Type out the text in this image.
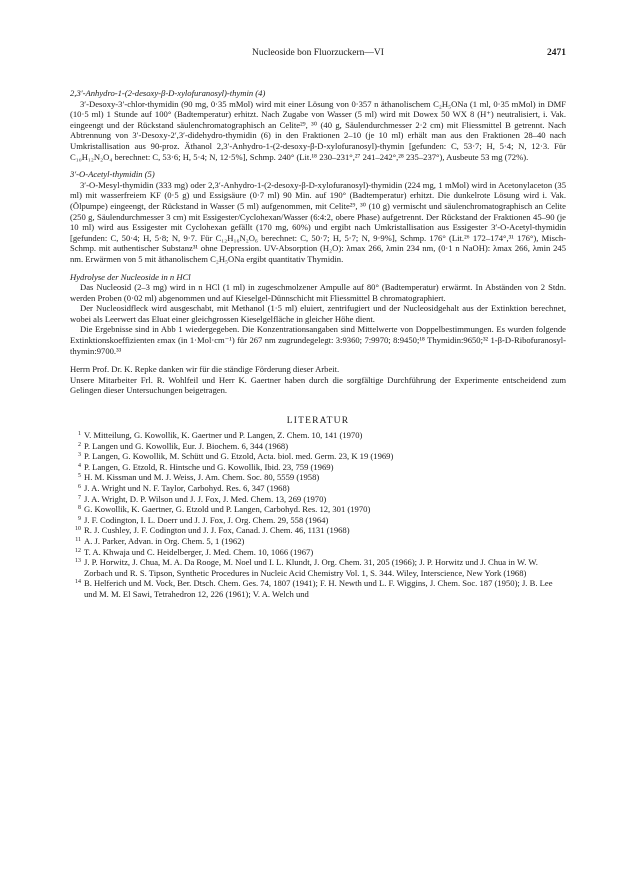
Nucleoside bon Fluorzuckern—VI	2471
2,3′-Anhydro-1-(2-desoxy-β-D-xylofuranosyl)-thymin (4)

3′-Desoxy-3′-chlor-thymidin (90 mg, 0·35 mMol) wird mit einer Lösung von 0·357 n äthanolischem C₂H₅ONa (1 ml, 0·35 mMol) in DMF (10·5 ml) 1 Stunde auf 100° (Badtemperatur) erhitzt. Nach Zugabe von Wasser (5 ml) wird mit Dowex 50 WX 8 (H⁺) neutralisiert, i. Vak. eingeengt und der Rückstand säulenchromatographisch an Celite²⁹, ³⁰ (40 g, Säulendurchmesser 2·2 cm) mit Fliessmittel B getrennt. Nach Abtrennung von 3′-Desoxy-2′,3′-didehydro-thymidin (6) in den Fraktionen 2–10 (je 10 ml) erhält man aus den Fraktionen 28–40 nach Umkristallisation aus 90-proz. Äthanol 2,3′-Anhydro-1-(2-desoxy-β-D-xylofuranosyl)-thymin [gefunden: C, 53·7; H, 5·4; N, 12·3. Für C₁₀H₁₂N₂O₄ berechnet: C, 53·6; H, 5·4; N, 12·5%], Schmp. 240° (Lit.¹⁸ 230–231°,²⁷ 241–242°,²⁸ 235–237°), Ausbeute 53 mg (72%).

3′-O-Acetyl-thymidin (5)

3′-O-Mesyl-thymidin (333 mg) oder 2,3′-Anhydro-1-(2-desoxy-β-D-xylofuranosyl)-thymidin (224 mg, 1 mMol) wird in Acetonylaceton (35 ml) mit wasserfreiem KF (0·5 g) und Essigsäure (0·7 ml) 90 Min. auf 190° (Badtemperatur) erhitzt. Die dunkelrote Lösung wird i. Vak. (Ölpumpe) eingeengt, der Rückstand in Wasser (5 ml) aufgenommen, mit Celite²⁹, ³⁰ (10 g) vermischt und säulenchromatographisch an Celite (250 g, Säulendurchmesser 3 cm) mit Essigester/Cyclohexan/Wasser (6:4:2, obere Phase) aufgetrennt. Der Rückstand der Fraktionen 45–90 (je 10 ml) wird aus Essigester mit Cyclohexan gefällt (170 mg, 60%) und ergibt nach Umkristallisation aus Essigester 3′-O-Acetyl-thymidin [gefunden: C, 50·4; H, 5·8; N, 9·7. Für C₁₂H₁₆N₂O₆ berechnet: C, 50·7; H, 5·7; N, 9·9%], Schmp. 176° (Lit.²⁶ 172–174°,³¹ 176°), Misch-Schmp. mit authentischer Substanz³¹ ohne Depression. UV-Absorption (H₂O): λmax 266, λmin 234 nm, (0·1 n NaOH): λmax 266, λmin 245 nm. Erwärmen von 5 mit äthanolischem C₂H₅ONa ergibt quantitativ Thymidin.

Hydrolyse der Nucleoside in n HCl

Das Nucleosid (2–3 mg) wird in n HCl (1 ml) in zugeschmolzener Ampulle auf 80° (Badtemperatur) erwärmt. In Abständen von 2 Stdn. werden Proben (0·02 ml) abgenommen und auf Kieselgel-Dünnschicht mit Fliessmittel B chromatographiert.

Der Nucleosidfleck wird ausgeschabt, mit Methanol (1·5 ml) eluiert, zentrifugiert und der Nucleosidgehalt aus der Extinktion berechnet, wobei als Leerwert das Eluat einer gleichgrossen Kieselgelfläche in gleicher Höhe dient.

Die Ergebnisse sind in Abb 1 wiedergegeben. Die Konzentrationsangaben sind Mittelwerte von Doppelbestimmungen. Es wurden folgende Extinktionskoeffizienten εmax (in 1·Mol·cm⁻¹) für 267 nm zugrundegelegt: 3:9360; 7:9970; 8:9450;¹⁸ Thymidin:9650;³² 1-β-D-Ribofuranosyl-thymin:9700.³³

Herrn Prof. Dr. K. Repke danken wir für die ständige Förderung dieser Arbeit.

Unsere Mitarbeiter Frl. R. Wohlfeil und Herr K. Gaertner haben durch die sorgfältige Durchführung der Experimente entscheidend zum Gelingen dieser Untersuchungen beigetragen.

LITERATUR
1 V. Mitteilung, G. Kowollik, K. Gaertner und P. Langen, Z. Chem. 10, 141 (1970)
2 P. Langen und G. Kowollik, Eur. J. Biochem. 6, 344 (1968)
3 P. Langen, G. Kowollik, M. Schütt und G. Etzold, Acta. biol. med. Germ. 23, K 19 (1969)
4 P. Langen, G. Etzold, R. Hintsche und G. Kowollik, Ibid. 23, 759 (1969)
5 H. M. Kissman und M. J. Weiss, J. Am. Chem. Soc. 80, 5559 (1958)
6 J. A. Wright und N. F. Taylor, Carbohyd. Res. 6, 347 (1968)
7 J. A. Wright, D. P. Wilson und J. J. Fox, J. Med. Chem. 13, 269 (1970)
8 G. Kowollik, K. Gaertner, G. Etzold und P. Langen, Carbohyd. Res. 12, 301 (1970)
9 J. F. Codington, I. L. Doerr und J. J. Fox, J. Org. Chem. 29, 558 (1964)
10 R. J. Cushley, J. F. Codington und J. J. Fox, Canad. J. Chem. 46, 1131 (1968)
11 A. J. Parker, Advan. in Org. Chem. 5, 1 (1962)
12 T. A. Khwaja und C. Heidelberger, J. Med. Chem. 10, 1066 (1967)
13 J. P. Horwitz, J. Chua, M. A. Da Rooge, M. Noel und I. L. Klundt, J. Org. Chem. 31, 205 (1966); J. P. Horwitz und J. Chua in W. W. Zorbach und R. S. Tipson, Synthetic Procedures in Nucleic Acid Chemistry Vol. 1, S. 344. Wiley, Interscience, New York (1968)
14 B. Helferich und M. Vock, Ber. Dtsch. Chem. Ges. 74, 1807 (1941); F. H. Newth und L. F. Wiggins, J. Chem. Soc. 187 (1950); J. B. Lee und M. M. El Sawi, Tetrahedron 12, 226 (1961); V. A. Welch und
